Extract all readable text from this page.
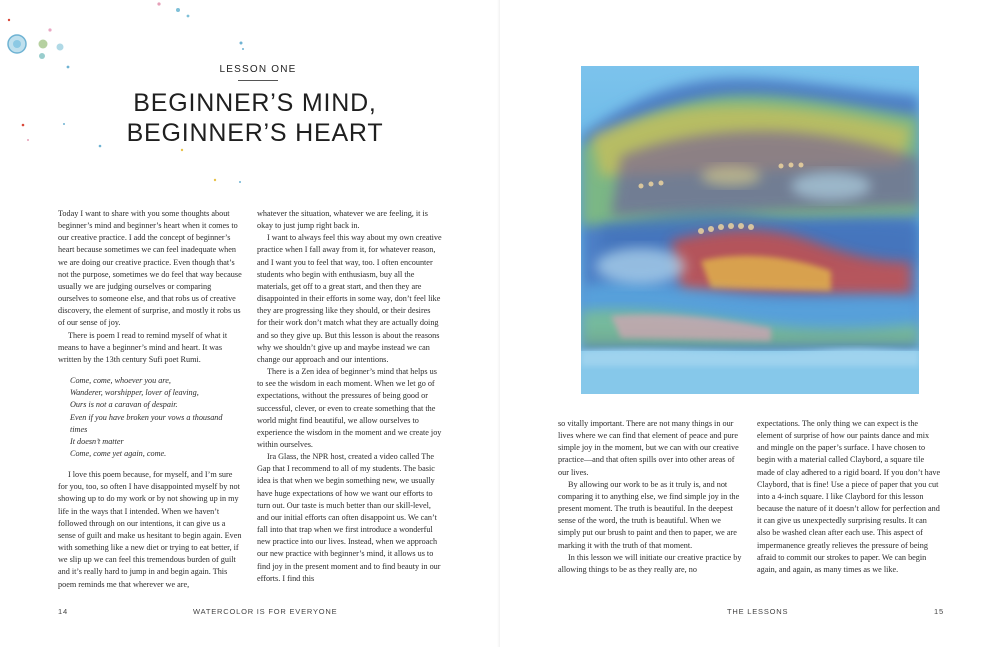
LESSON ONE
BEGINNER’S MIND,
BEGINNER’S HEART

Today I want to share with you some thoughts about beginner’s mind and beginner’s heart when it comes to our creative practice. I add the concept of beginner’s heart because sometimes we can feel inadequate when we are doing our creative practice. Even though that’s not the purpose, sometimes we do feel that way because usually we are judging ourselves or comparing ourselves to someone else, and that robs us of creative discovery, the element of surprise, and mostly it robs us of our sense of joy.

There is poem I read to remind myself of what it means to have a beginner’s mind and heart. It was written by the 13th century Sufi poet Rumi.

Come, come, whoever you are,
Wanderer, worshipper, lover of leaving,
Ours is not a caravan of despair.
Even if you have broken your vows a thousand
times
It doesn’t matter
Come, come yet again, come.

I love this poem because, for myself, and I’m sure for you, too, so often I have disappointed myself by not showing up to do my work or by not showing up in my life in the ways that I intended. When we haven’t followed through on our intentions, it can give us a sense of guilt and make us hesitant to begin again. Even with something like a new diet or trying to eat better, if we slip up we can feel this tremendous burden of guilt and it’s really hard to jump in and begin again. This poem reminds me that wherever we are,

whatever the situation, whatever we are feeling, it is okay to just jump right back in.

I want to always feel this way about my own creative practice when I fall away from it, for whatever reason, and I want you to feel that way, too. I often encounter students who begin with enthusiasm, buy all the materials, get off to a great start, and then they are disappointed in their efforts in some way, don’t feel like they are progressing like they should, or their desires for their work don’t match what they are actually doing and so they give up. But this lesson is about the reasons why we shouldn’t give up and maybe instead we can change our approach and our intentions.

There is a Zen idea of beginner’s mind that helps us to see the wisdom in each moment. When we let go of expectations, without the pressures of being good or successful, clever, or even to create something that the world might find beautiful, we allow ourselves to experience the wisdom in the moment and we create joy within ourselves.

Ira Glass, the NPR host, created a video called The Gap that I recommend to all of my students. The basic idea is that when we begin something new, we usually have huge expectations of how we want our efforts to turn out. Our taste is much better than our skill-level, and our initial efforts can often disappoint us. We can’t fall into that trap when we first introduce a wonderful new practice into our lives. Instead, when we approach our new practice with beginner’s mind, it allows us to find joy in the present moment and to find beauty in our efforts. I find this

14	WATERCOLOR IS FOR EVERYONE

so vitally important. There are not many things in our lives where we can find that element of peace and pure simple joy in the moment, but we can with our creative practice—and that often spills over into other areas of our lives.

By allowing our work to be as it truly is, and not comparing it to anything else, we find simple joy in the present moment. The truth is beautiful. In the deepest sense of the word, the truth is beautiful. When we simply put our brush to paint and then to paper, we are marking it with the truth of that moment.

In this lesson we will initiate our creative practice by allowing things to be as they really are, no

expectations. The only thing we can expect is the element of surprise of how our paints dance and mix and mingle on the paper’s surface. I have chosen to begin with a material called Claybord, a square tile made of clay adhered to a rigid board. If you don’t have Claybord, that is fine! Use a piece of paper that you cut into a 4-inch square. I like Claybord for this lesson because the nature of it doesn’t allow for perfection and it can give us unexpectedly surprising results. It can also be washed clean after each use. This aspect of impermanence greatly relieves the pressure of being afraid to commit our strokes to paper. We can begin again, and again, as many times as we like.

THE LESSONS	15
